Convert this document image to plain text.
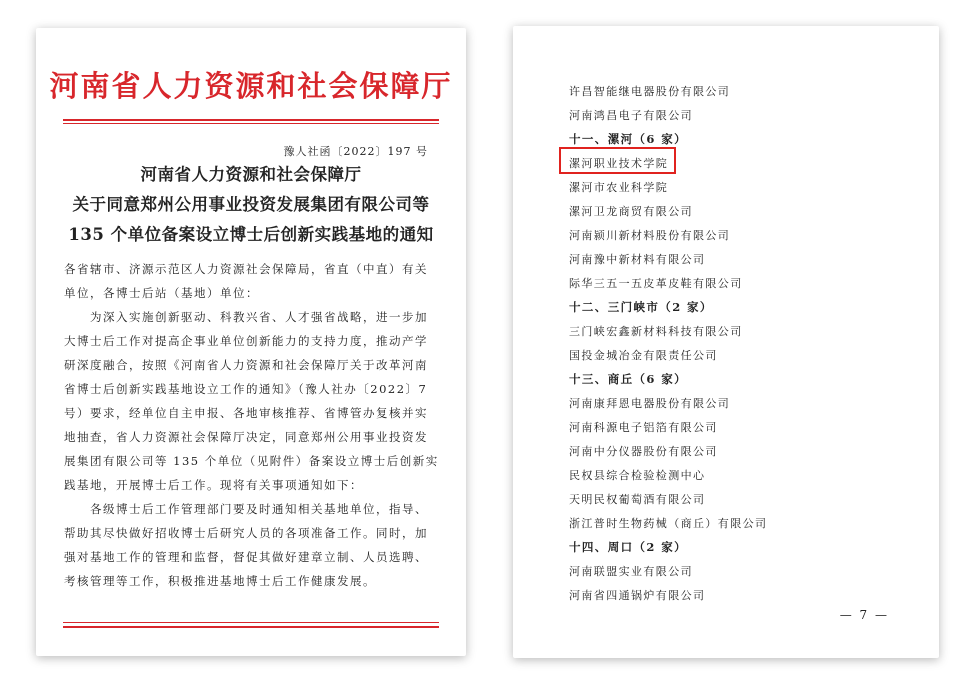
河南省人力资源和社会保障厅
豫人社函〔2022〕197 号
河南省人力资源和社会保障厅
关于同意郑州公用事业投资发展集团有限公司等
135 个单位备案设立博士后创新实践基地的通知
各省辖市、济源示范区人力资源社会保障局，省直（中直）有关
单位，各博士后站（基地）单位：
　　为深入实施创新驱动、科教兴省、人才强省战略，进一步加
大博士后工作对提高企事业单位创新能力的支持力度，推动产学
研深度融合，按照《河南省人力资源和社会保障厅关于改革河南
省博士后创新实践基地设立工作的通知》（豫人社办〔2022〕7
号）要求，经单位自主申报、各地审核推荐、省博管办复核并实
地抽查，省人力资源社会保障厅决定，同意郑州公用事业投资发
展集团有限公司等 135 个单位（见附件）备案设立博士后创新实
践基地，开展博士后工作。现将有关事项通知如下：
　　各级博士后工作管理部门要及时通知相关基地单位，指导、
帮助其尽快做好招收博士后研究人员的各项准备工作。同时，加
强对基地工作的管理和监督，督促其做好建章立制、人员选聘、
考核管理等工作，积极推进基地博士后工作健康发展。
许昌智能继电器股份有限公司
河南鸿昌电子有限公司
十一、漯河（6 家）
漯河职业技术学院
漯河市农业科学院
漯河卫龙商贸有限公司
河南颍川新材料股份有限公司
河南豫中新材料有限公司
际华三五一五皮革皮鞋有限公司
十二、三门峡市（2 家）
三门峡宏鑫新材料科技有限公司
国投金城冶金有限责任公司
十三、商丘（6 家）
河南康拜恩电器股份有限公司
河南科源电子铝箔有限公司
河南中分仪器股份有限公司
民权县综合检验检测中心
天明民权葡萄酒有限公司
浙江普时生物药械（商丘）有限公司
十四、周口（2 家）
河南联盟实业有限公司
河南省四通锅炉有限公司
— 7 —
